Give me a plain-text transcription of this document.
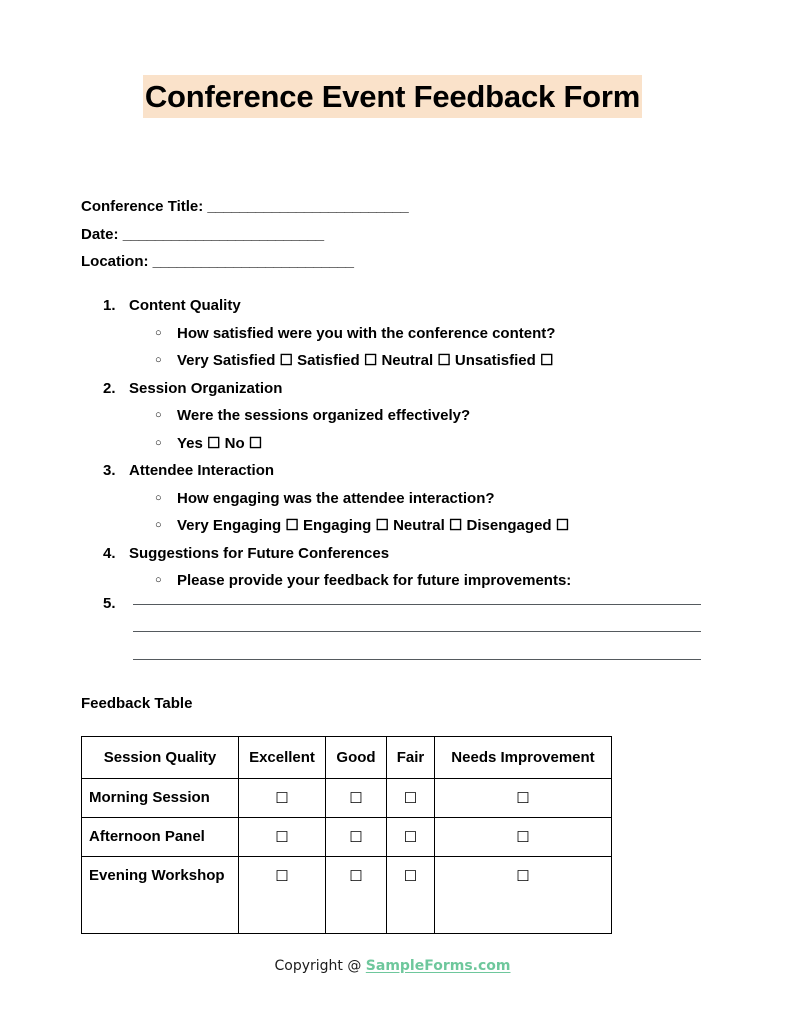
Conference Event Feedback Form
Conference Title: _________________________
Date: _________________________
Location: _________________________
1. Content Quality
○ How satisfied were you with the conference content?
○ Very Satisfied ☐ Satisfied ☐ Neutral ☐ Unsatisfied ☐
2. Session Organization
○ Were the sessions organized effectively?
○ Yes ☐ No ☐
3. Attendee Interaction
○ How engaging was the attendee interaction?
○ Very Engaging ☐ Engaging ☐ Neutral ☐ Disengaged ☐
4. Suggestions for Future Conferences
○ Please provide your feedback for future improvements:
5.
Feedback Table
Session Quality	Excellent	Good	Fair	Needs Improvement
Morning Session	☐	☐	☐	☐
Afternoon Panel	☐	☐	☐	☐
Evening Workshop	☐	☐	☐	☐
Copyright @ SampleForms.com
